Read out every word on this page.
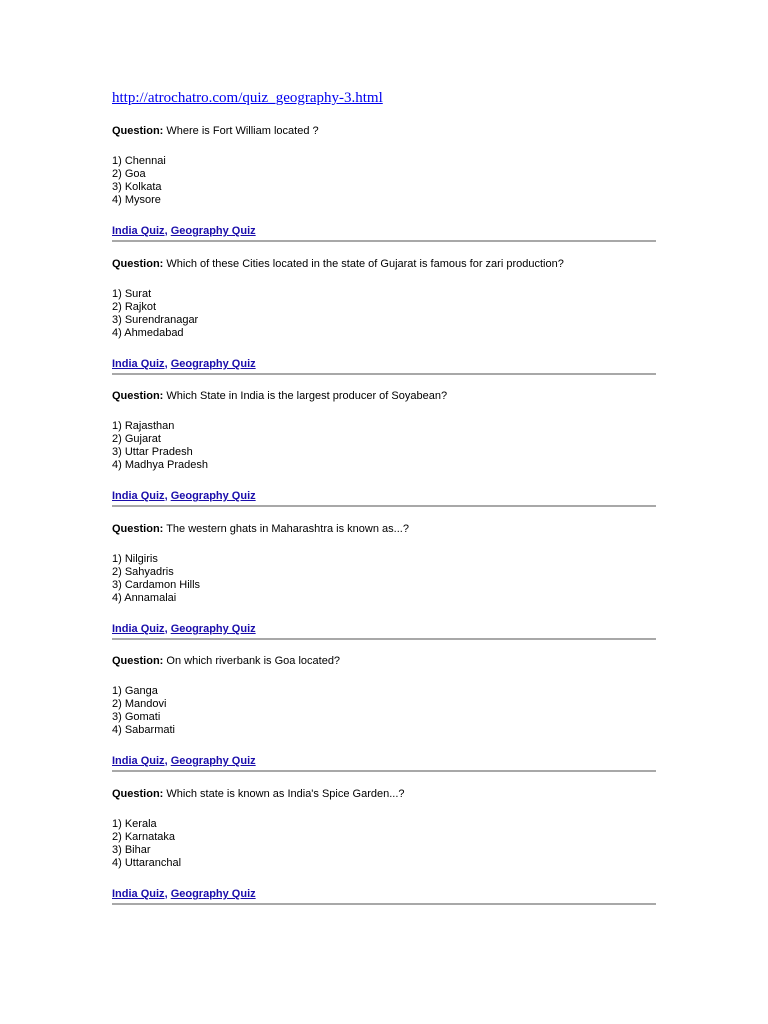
http://atrochatro.com/quiz_geography-3.html
Question: Where is Fort William located ?
1) Chennai
2) Goa
3) Kolkata
4) Mysore
India Quiz, Geography Quiz
Question: Which of these Cities located in the state of Gujarat is famous for zari production?
1) Surat
2) Rajkot
3) Surendranagar
4) Ahmedabad
India Quiz, Geography Quiz
Question: Which State in India is the largest producer of Soyabean?
1) Rajasthan
2) Gujarat
3) Uttar Pradesh
4) Madhya Pradesh
India Quiz, Geography Quiz
Question: The western ghats in Maharashtra is known as...?
1) Nilgiris
2) Sahyadris
3) Cardamon Hills
4) Annamalai
India Quiz, Geography Quiz
Question: On which riverbank is Goa located?
1) Ganga
2) Mandovi
3) Gomati
4) Sabarmati
India Quiz, Geography Quiz
Question: Which state is known as India's Spice Garden...?
1) Kerala
2) Karnataka
3) Bihar
4) Uttaranchal
India Quiz, Geography Quiz
